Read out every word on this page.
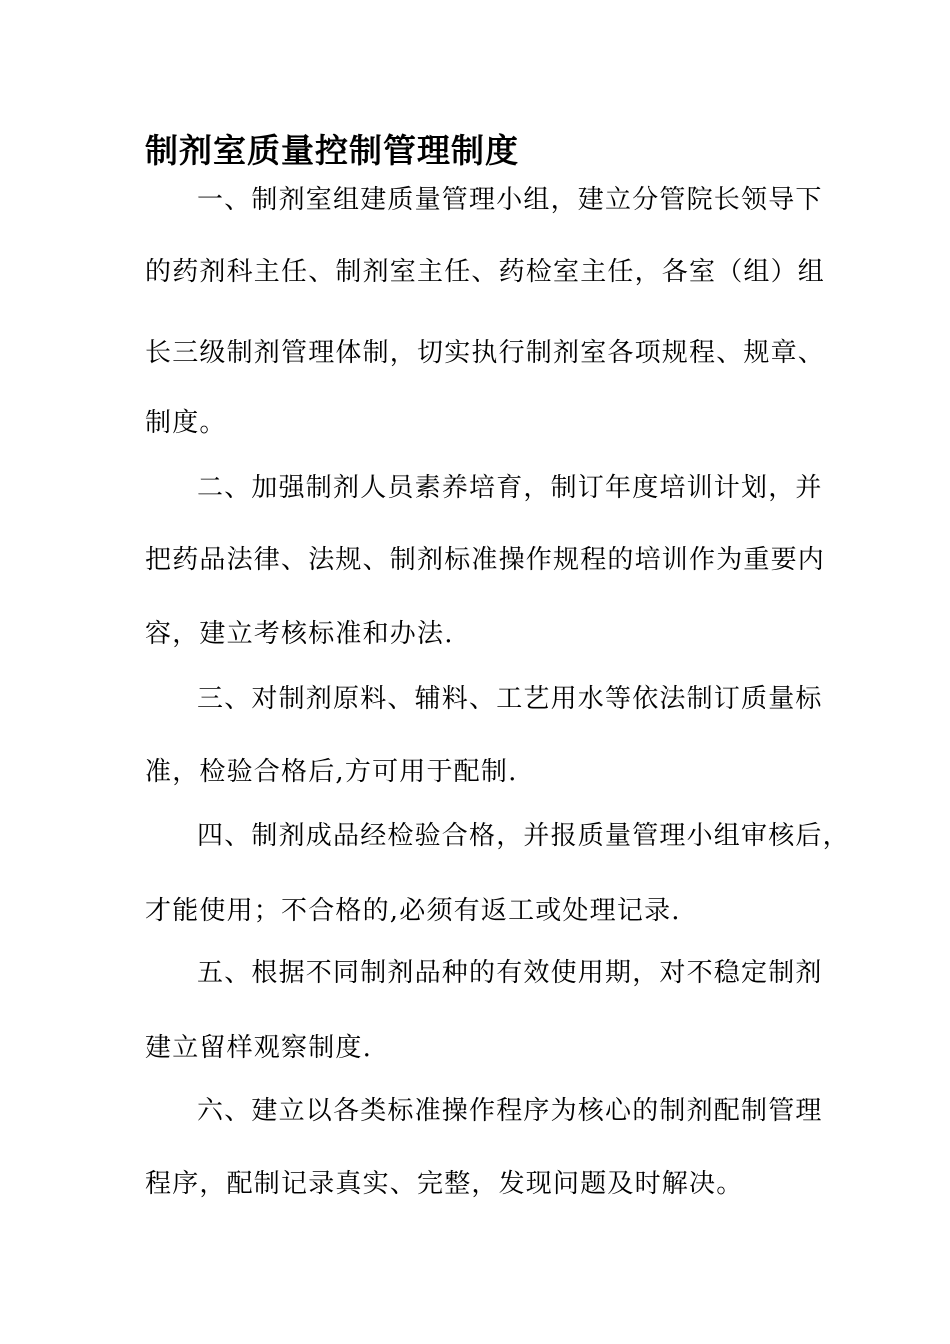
制剂室质量控制管理制度
一、制剂室组建质量管理小组，建立分管院长领导下
的药剂科主任、制剂室主任、药检室主任，各室（组）组
长三级制剂管理体制，切实执行制剂室各项规程、规章、
制度。
二、加强制剂人员素养培育，制订年度培训计划，并
把药品法律、法规、制剂标准操作规程的培训作为重要内
容，建立考核标准和办法.
三、对制剂原料、辅料、工艺用水等依法制订质量标
准，检验合格后,方可用于配制.
四、制剂成品经检验合格，并报质量管理小组审核后，
才能使用；不合格的,必须有返工或处理记录.
五、根据不同制剂品种的有效使用期，对不稳定制剂
建立留样观察制度.
六、建立以各类标准操作程序为核心的制剂配制管理
程序，配制记录真实、完整，发现问题及时解决。
